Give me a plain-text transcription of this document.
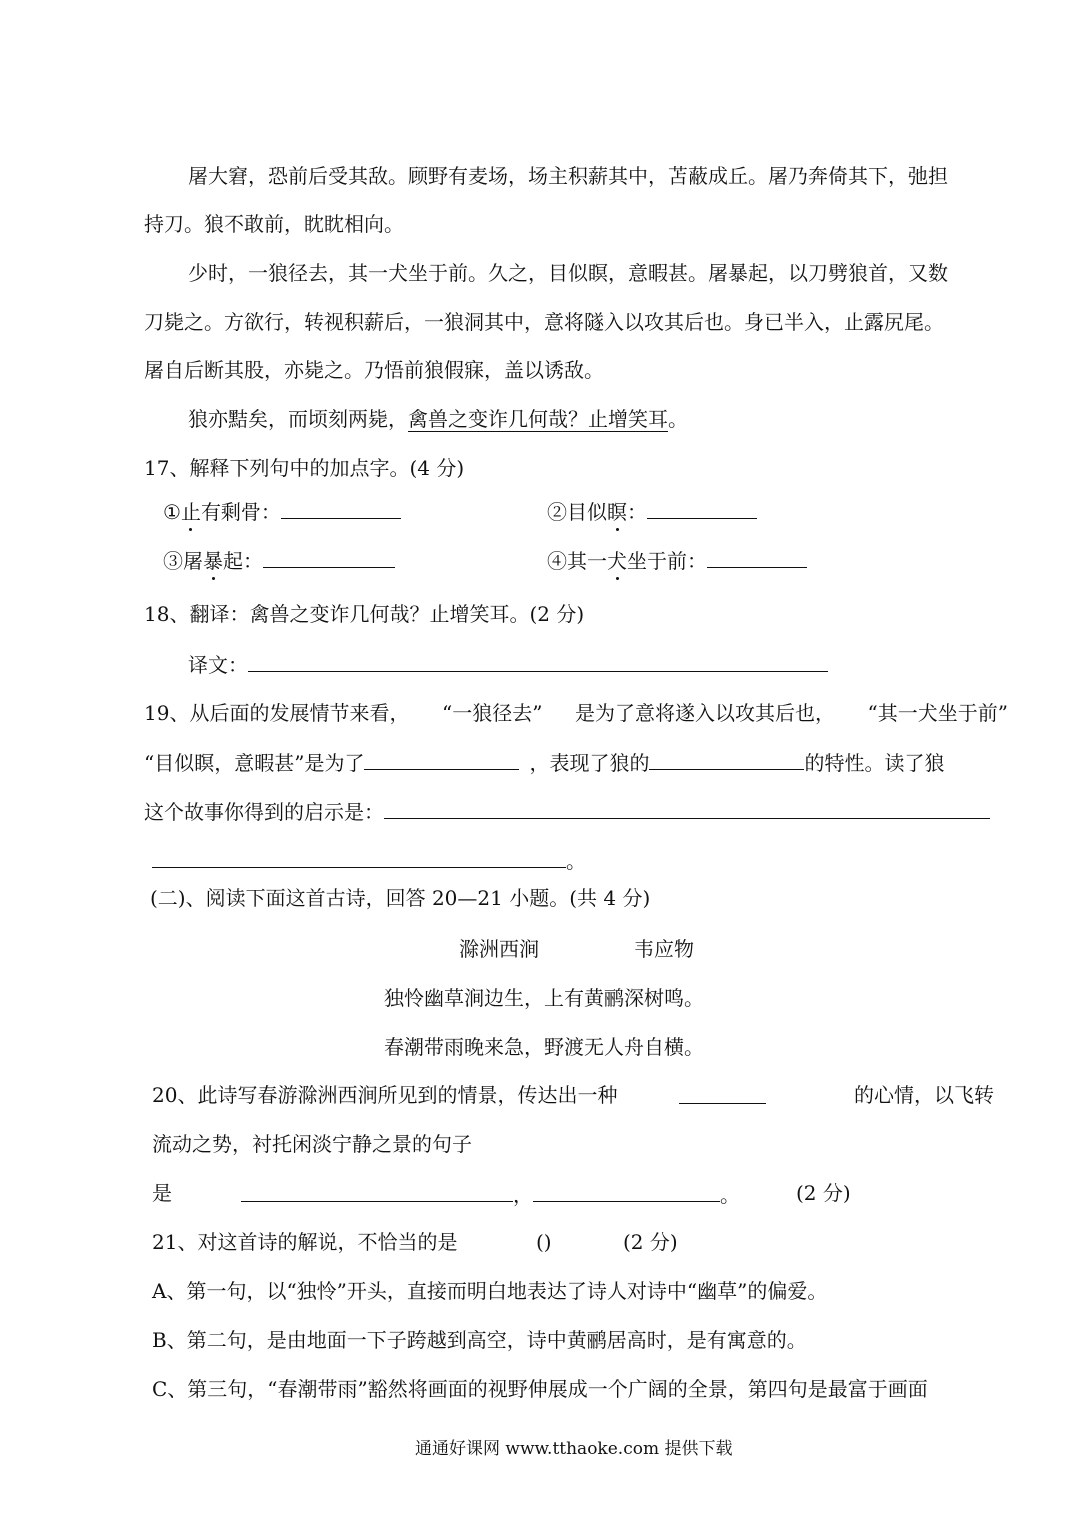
屠大窘，恐前后受其敌。顾野有麦场，场主积薪其中，苫蔽成丘。屠乃奔倚其下，弛担
持刀。狼不敢前，眈眈相向。
少时，一狼径去，其一犬坐于前。久之，目似瞑，意暇甚。屠暴起，以刀劈狼首，又数
刀毙之。方欲行，转视积薪后，一狼洞其中，意将隧入以攻其后也。身已半入，止露尻尾。
屠自后断其股，亦毙之。乃悟前狼假寐，盖以诱敌。
狼亦黠矣，而顷刻两毙，禽兽之变诈几何哉？止增笑耳。
17、解释下列句中的加点字。(4 分)
①止有剩骨：	②目似瞑：
③屠暴起：	④其一犬坐于前：
18、翻译：禽兽之变诈几何哉？止增笑耳。(2 分)
译文：
19、从后面的发展情节来看， “一狼径去” 是为了意将遂入以攻其后也， “其一犬坐于前”
“目似瞑，意暇甚”是为了	，表现了狼的	的特性。读了狼
这个故事你得到的启示是：
。
(二)、阅读下面这首古诗，回答 20—21 小题。(共 4 分)
滁洲西涧	韦应物
独怜幽草涧边生，上有黄鹂深树鸣。
春潮带雨晚来急，野渡无人舟自横。
20、此诗写春游滁洲西涧所见到的情景，传达出一种	的心情，以飞转
流动之势，衬托闲淡宁静之景的句子
是	，	。	(2 分)
21、对这首诗的解说，不恰当的是	()	(2 分)
A、第一句，以“独怜”开头，直接而明白地表达了诗人对诗中“幽草”的偏爱。
B、第二句，是由地面一下子跨越到高空，诗中黄鹂居高时，是有寓意的。
C、第三句，“春潮带雨”豁然将画面的视野伸展成一个广阔的全景，第四句是最富于画面
通通好课网 www.tthaoke.com 提供下载
